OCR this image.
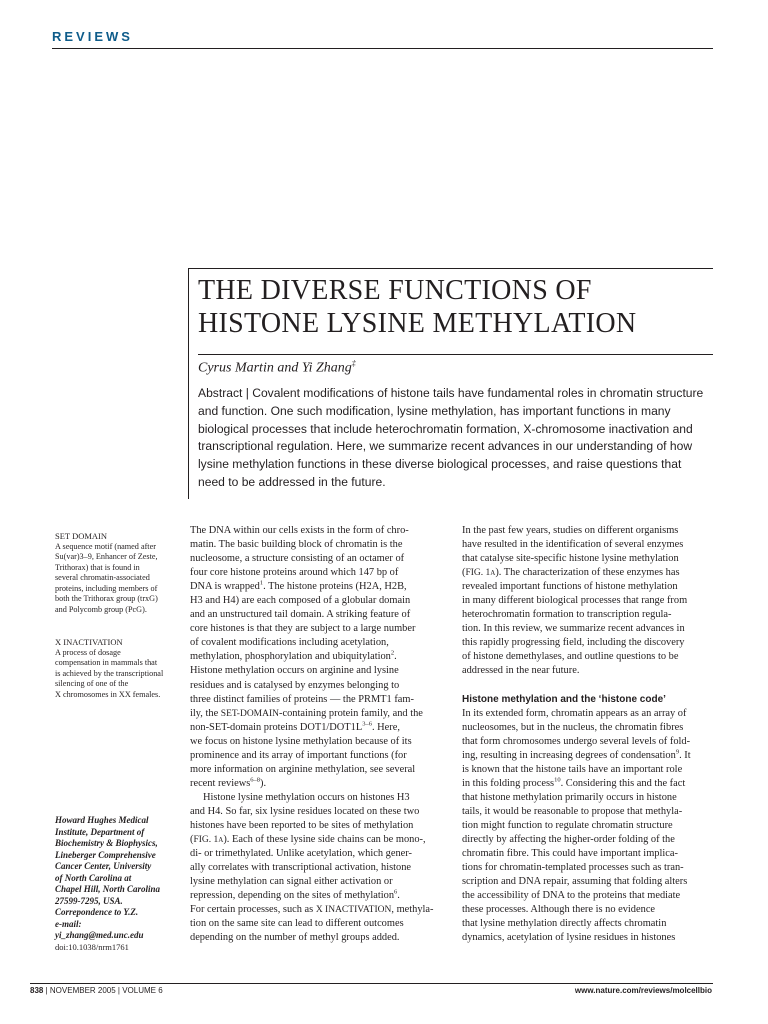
REVIEWS
THE DIVERSE FUNCTIONS OF
HISTONE LYSINE METHYLATION
Cyrus Martin and Yi Zhang‡
Abstract | Covalent modifications of histone tails have fundamental roles in chromatin structure
and function. One such modification, lysine methylation, has important functions in many
biological processes that include heterochromatin formation, X-chromosome inactivation and
transcriptional regulation. Here, we summarize recent advances in our understanding of how
lysine methylation functions in these diverse biological processes, and raise questions that
need to be addressed in the future.
SET DOMAIN
A sequence motif (named after
Su(var)3–9, Enhancer of Zeste,
Trithorax) that is found in
several chromatin-associated
proteins, including members of
both the Trithorax group (trxG)
and Polycomb group (PcG).
X INACTIVATION
A process of dosage
compensation in mammals that
is achieved by the transcriptional
silencing of one of the
X chromosomes in XX females.
Howard Hughes Medical
Institute, Department of
Biochemistry & Biophysics,
Lineberger Comprehensive
Cancer Center, University
of North Carolina at
Chapel Hill, North Carolina
27599-7295, USA.
Correpondence to Y.Z.
e-mail:
yi_zhang@med.unc.edu
doi:10.1038/nrm1761
The DNA within our cells exists in the form of chro-
matin. The basic building block of chromatin is the
nucleosome, a structure consisting of an octamer of
four core histone proteins around which 147 bp of
DNA is wrapped$^1$. The histone proteins (H2A, H2B,
H3 and H4) are each composed of a globular domain
and an unstructured tail domain. A striking feature of
core histones is that they are subject to a large number
of covalent modifications including acetylation,
methylation, phosphorylation and ubiquitylation$^2$.
Histone methylation occurs on arginine and lysine
residues and is catalysed by enzymes belonging to
three distinct families of proteins — the PRMT1 fam-
ily, the SET-DOMAIN-containing protein family, and the
non-SET-domain proteins $DOT1/DOT1L^{3-6}$. Here,
we focus on histone lysine methylation because of its
prominence and its array of important functions (for
more information on arginine methylation, see several
recent reviews$^{6-8}$).
Histone lysine methylation occurs on histones H3
and H4. So far, six lysine residues located on these two
histones have been reported to be sites of methylation
(FIG. 1a). Each of these lysine side chains can be mono-,
di- or trimethylated. Unlike acetylation, which gener-
ally correlates with transcriptional activation, histone
lysine methylation can signal either activation or
repression, depending on the sites of methylation$^6$.
For certain processes, such as X INACTIVATION, methyla-
tion on the same site can lead to different outcomes
depending on the number of methyl groups added.
In the past few years, studies on different organisms
have resulted in the identification of several enzymes
that catalyse site-specific histone lysine methylation
(FIG. 1a). The characterization of these enzymes has
revealed important functions of histone methylation
in many different biological processes that range from
heterochromatin formation to transcription regula-
tion. In this review, we summarize recent advances in
this rapidly progressing field, including the discovery
of histone demethylases, and outline questions to be
addressed in the near future.
Histone methylation and the ‘histone code’
In its extended form, chromatin appears as an array of
nucleosomes, but in the nucleus, the chromatin fibres
that form chromosomes undergo several levels of fold-
ing, resulting in increasing degrees of condensation$^9$. It
is known that the histone tails have an important role
in this folding process$^{10}$. Considering this and the fact
that histone methylation primarily occurs in histone
tails, it would be reasonable to propose that methyla-
tion might function to regulate chromatin structure
directly by affecting the higher-order folding of the
chromatin fibre. This could have important implica-
tions for chromatin-templated processes such as tran-
scription and DNA repair, assuming that folding alters
the accessibility of DNA to the proteins that mediate
these processes. Although there is no evidence
that lysine methylation directly affects chromatin
dynamics, acetylation of lysine residues in histones
838 | NOVEMBER 2005 | VOLUME 6	www.nature.com/reviews/molcellbio
